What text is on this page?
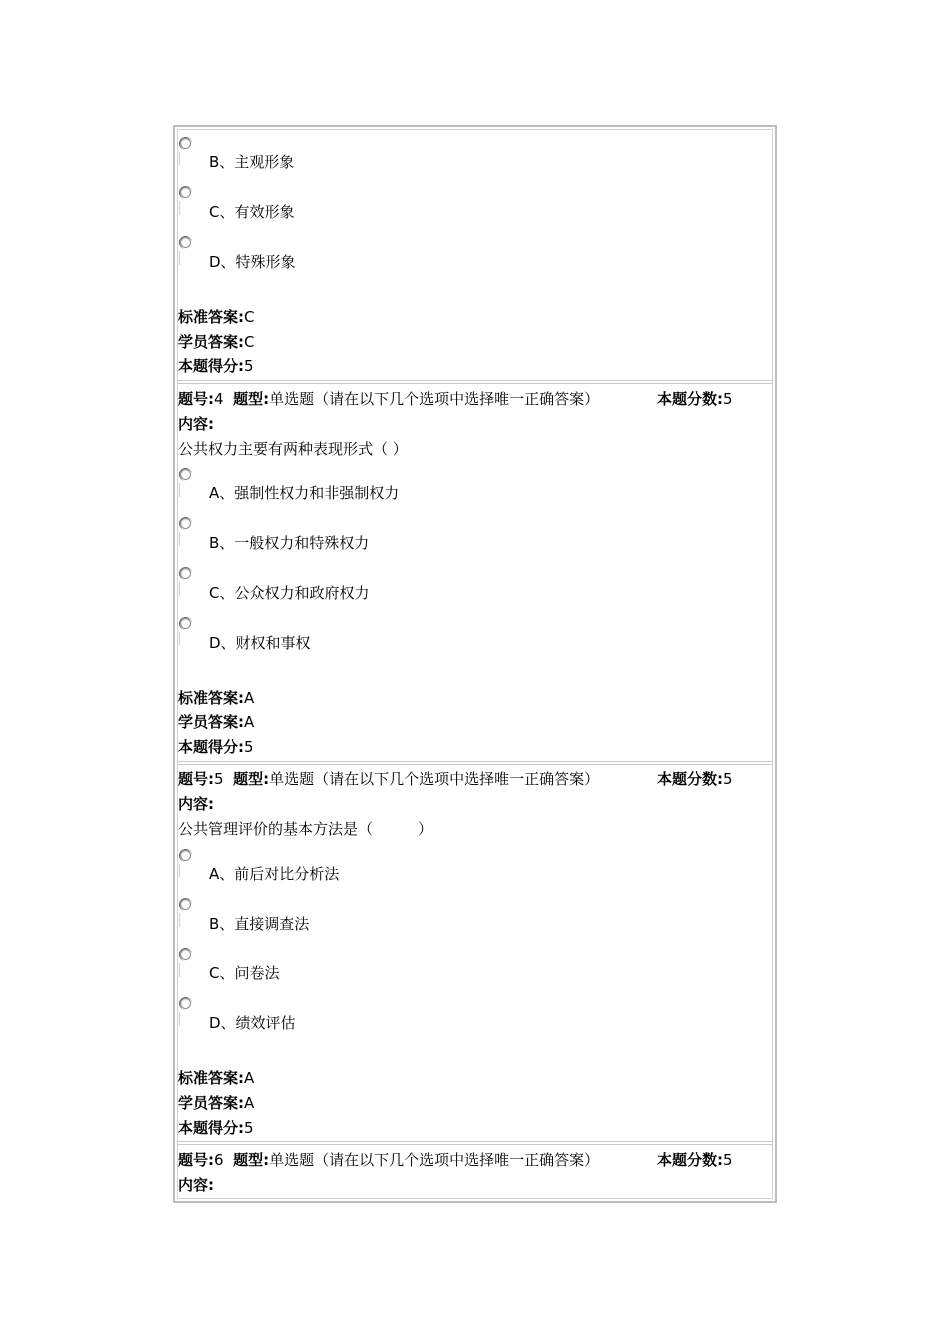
B、主观形象
C、有效形象
D、特殊形象
标准答案:C
学员答案:C
本题得分:5
题号:4 题型:单选题（请在以下几个选项中选择唯一正确答案）	本题分数:5
内容:
公共权力主要有两种表现形式（ ）
A、强制性权力和非强制权力
B、一般权力和特殊权力
C、公众权力和政府权力
D、财权和事权
标准答案:A
学员答案:A
本题得分:5
题号:5 题型:单选题（请在以下几个选项中选择唯一正确答案）	本题分数:5
内容:
公共管理评价的基本方法是（　　　）
A、前后对比分析法
B、直接调查法
C、问卷法
D、绩效评估
标准答案:A
学员答案:A
本题得分:5
题号:6 题型:单选题（请在以下几个选项中选择唯一正确答案）	本题分数:5
内容:
